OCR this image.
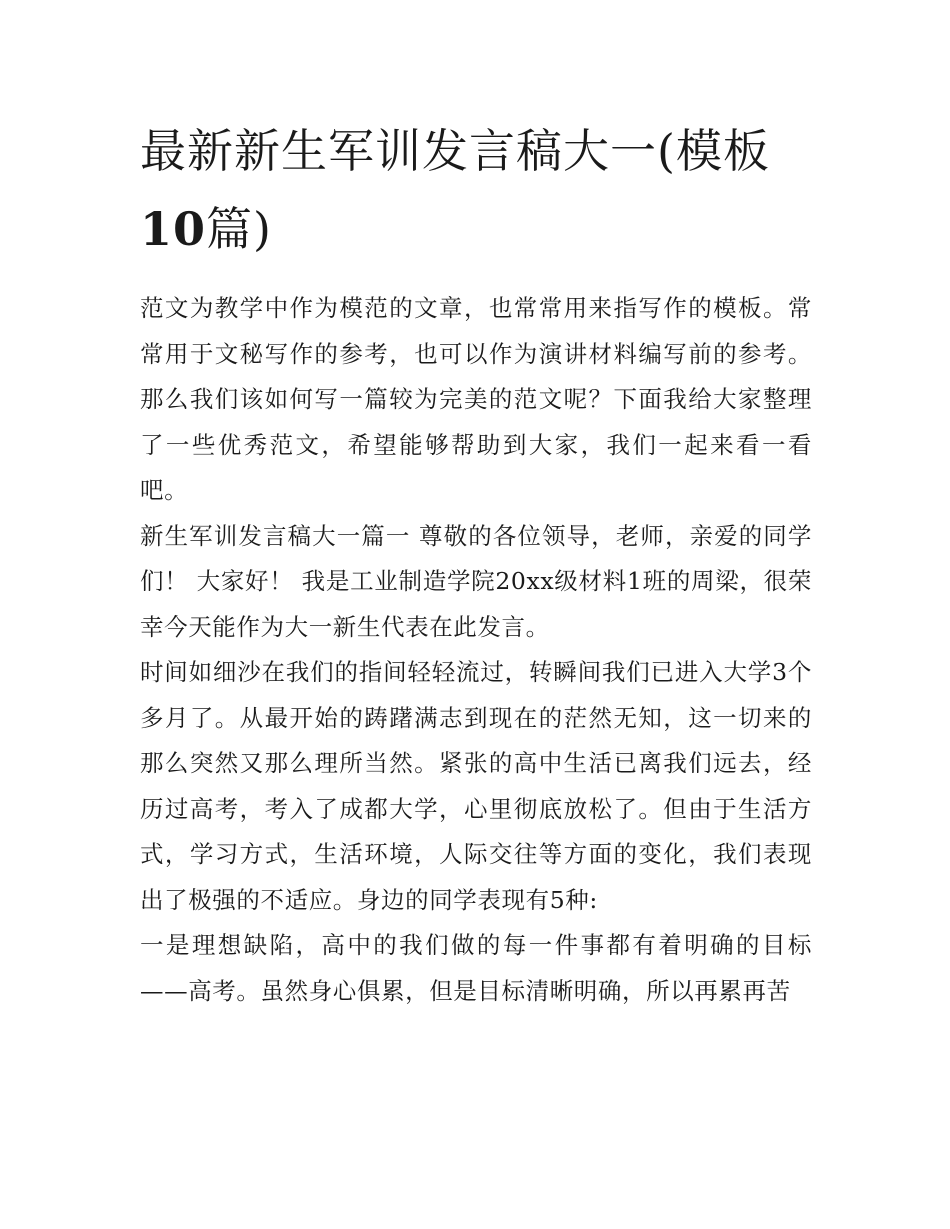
最新新生军训发言稿大一(模板10篇)

范文为教学中作为模范的文章，也常常用来指写作的模板。常常用于文秘写作的参考，也可以作为演讲材料编写前的参考。那么我们该如何写一篇较为完美的范文呢？下面我给大家整理了一些优秀范文，希望能够帮助到大家，我们一起来看一看吧。

新生军训发言稿大一篇一 尊敬的各位领导，老师，亲爱的同学们！ 大家好！ 我是工业制造学院20xx级材料1班的周梁，很荣幸今天能作为大一新生代表在此发言。

时间如细沙在我们的指间轻轻流过，转瞬间我们已进入大学3个多月了。从最开始的踌躇满志到现在的茫然无知，这一切来的那么突然又那么理所当然。紧张的高中生活已离我们远去，经历过高考，考入了成都大学，心里彻底放松了。但由于生活方式，学习方式，生活环境，人际交往等方面的变化，我们表现出了极强的不适应。身边的同学表现有5种:

一是理想缺陷，高中的我们做的每一件事都有着明确的目标——高考。虽然身心俱累，但是目标清晰明确，所以再累再苦
